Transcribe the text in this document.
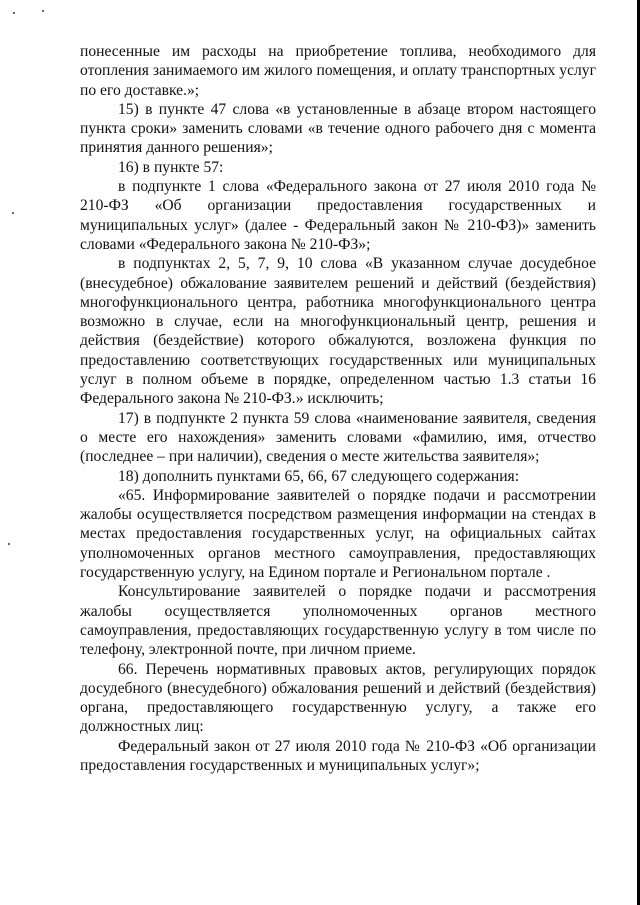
понесенные им расходы на приобретение топлива, необходимого для отопления занимаемого им жилого помещения, и оплату транспортных услуг по его доставке.»;

15) в пункте 47 слова «в установленные в абзаце втором настоящего пункта сроки» заменить словами «в течение одного рабочего дня с момента принятия данного решения»;

16) в пункте 57:

в подпункте 1 слова «Федерального закона от 27 июля 2010 года № 210-ФЗ «Об организации предоставления государственных и муниципальных услуг» (далее - Федеральный закон № 210-ФЗ)» заменить словами «Федерального закона № 210-ФЗ»;

в подпунктах 2, 5, 7, 9, 10 слова «В указанном случае досудебное (внесудебное) обжалование заявителем решений и действий (бездействия) многофункционального центра, работника многофункционального центра возможно в случае, если на многофункциональный центр, решения и действия (бездействие) которого обжалуются, возложена функция по предоставлению соответствующих государственных или муниципальных услуг в полном объеме в порядке, определенном частью 1.3 статьи 16 Федерального закона № 210-ФЗ.» исключить;

17) в подпункте 2 пункта 59 слова «наименование заявителя, сведения о месте его нахождения» заменить словами «фамилию, имя, отчество (последнее – при наличии), сведения о месте жительства заявителя»;

18) дополнить пунктами 65, 66, 67 следующего содержания:

«65. Информирование заявителей о порядке подачи и рассмотрении жалобы осуществляется посредством размещения информации на стендах в местах предоставления государственных услуг, на официальных сайтах уполномоченных органов местного самоуправления, предоставляющих государственную услугу, на Едином портале и Региональном портале .

Консультирование заявителей о порядке подачи и рассмотрения жалобы осуществляется уполномоченных органов местного самоуправления, предоставляющих государственную услугу в том числе по телефону, электронной почте, при личном приеме.

66. Перечень нормативных правовых актов, регулирующих порядок досудебного (внесудебного) обжалования решений и действий (бездействия) органа, предоставляющего государственную услугу, а также его должностных лиц:

Федеральный закон от 27 июля 2010 года № 210-ФЗ «Об организации предоставления государственных и муниципальных услуг»;
